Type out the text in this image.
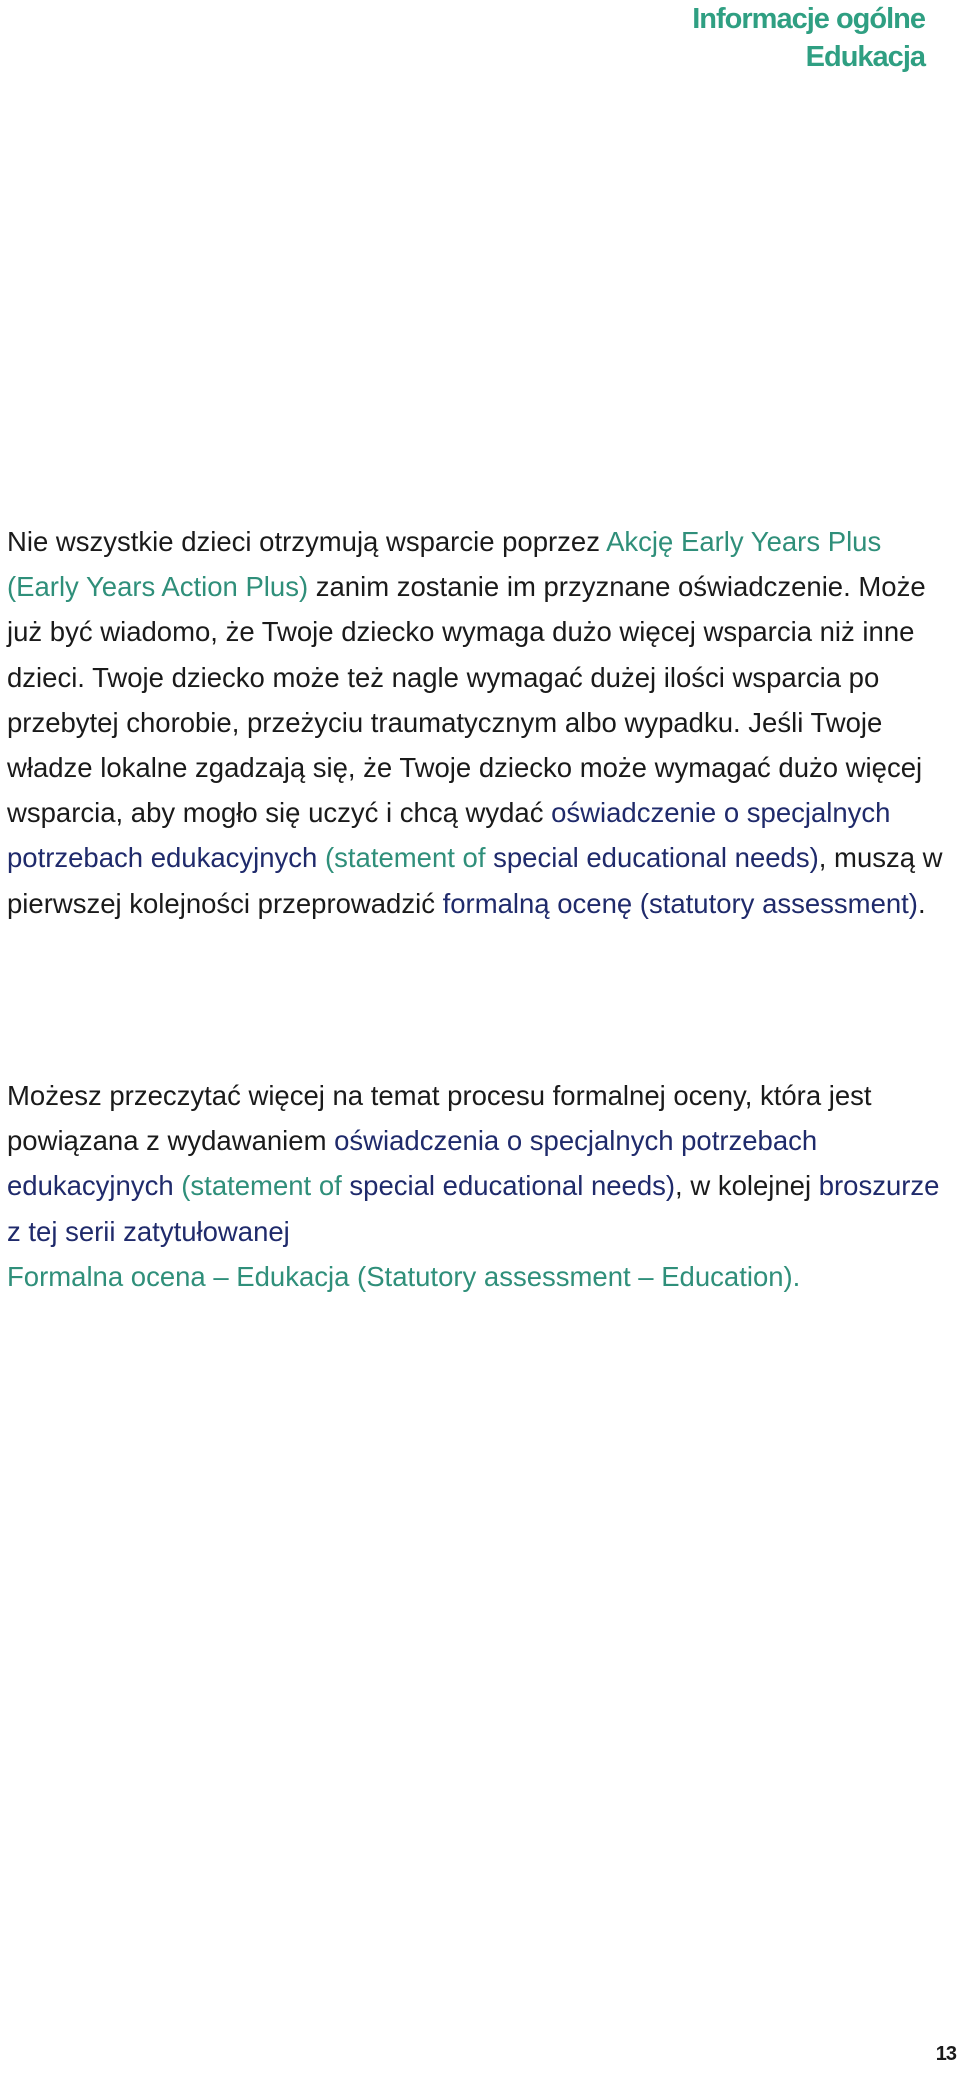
Informacje ogólne
Edukacja
Nie wszystkie dzieci otrzymują wsparcie poprzez Akcję Early Years Plus (Early Years Action Plus) zanim zostanie im przyznane oświadczenie. Może już być wiadomo, że Twoje dziecko wymaga dużo więcej wsparcia niż inne dzieci. Twoje dziecko może też nagle wymagać dużej ilości wsparcia po przebytej chorobie, przeżyciu traumatycznym albo wypadku. Jeśli Twoje władze lokalne zgadzają się, że Twoje dziecko może wymagać dużo więcej wsparcia, aby mogło się uczyć i chcą wydać oświadczenie o specjalnych potrzebach edukacyjnych (statement of special educational needs), muszą w pierwszej kolejności przeprowadzić formalną ocenę (statutory assessment).
Możesz przeczytać więcej na temat procesu formalnej oceny, która jest powiązana z wydawaniem oświadczenia o specjalnych potrzebach edukacyjnych (statement of special educational needs), w kolejnej broszurze z tej serii zatytułowanej
Formalna ocena – Edukacja (Statutory assessment – Education).
13
